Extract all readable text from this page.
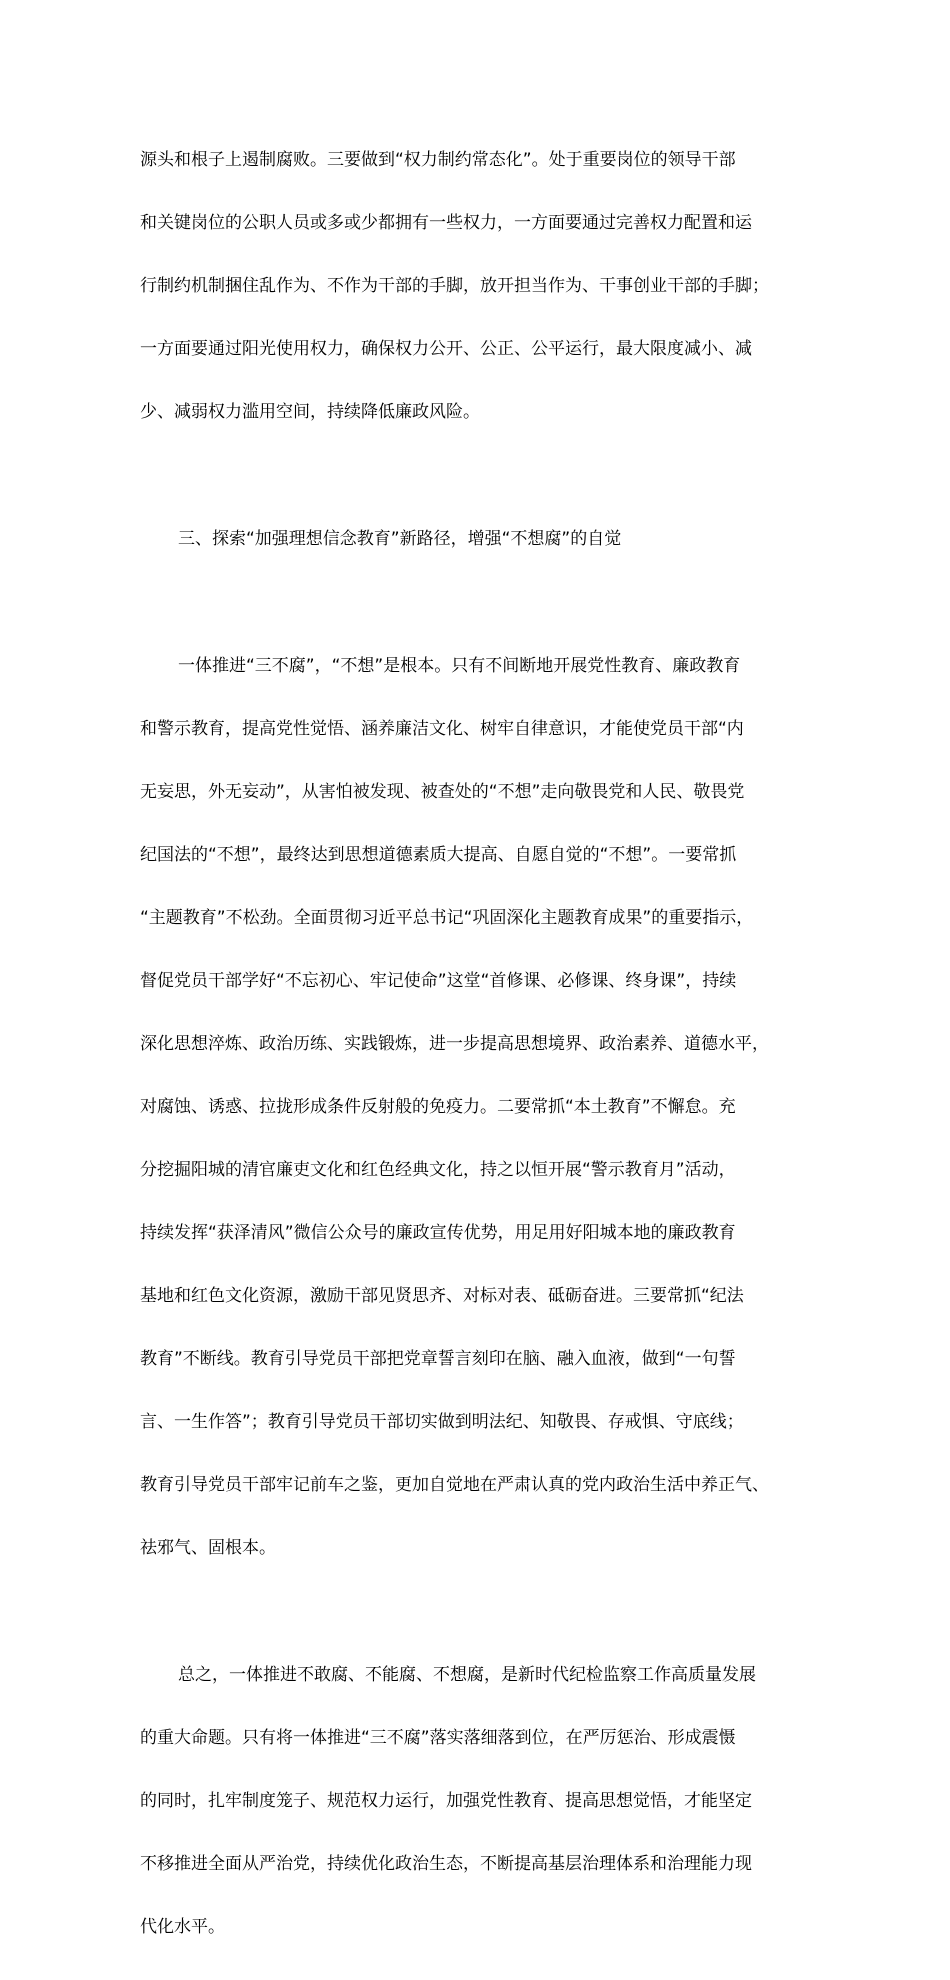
源头和根子上遏制腐败。三要做到“权力制约常态化”。处于重要岗位的领导干部

和关键岗位的公职人员或多或少都拥有一些权力，一方面要通过完善权力配置和运

行制约机制捆住乱作为、不作为干部的手脚，放开担当作为、干事创业干部的手脚；

一方面要通过阳光使用权力，确保权力公开、公正、公平运行，最大限度减小、减

少、减弱权力滥用空间，持续降低廉政风险。

三、探索“加强理想信念教育”新路径，增强“不想腐”的自觉

一体推进“三不腐”，“不想”是根本。只有不间断地开展党性教育、廉政教育

和警示教育，提高党性觉悟、涵养廉洁文化、树牢自律意识，才能使党员干部“内

无妄思，外无妄动”，从害怕被发现、被查处的“不想”走向敬畏党和人民、敬畏党

纪国法的“不想”，最终达到思想道德素质大提高、自愿自觉的“不想”。一要常抓

“主题教育”不松劲。全面贯彻习近平总书记“巩固深化主题教育成果”的重要指示，

督促党员干部学好“不忘初心、牢记使命”这堂“首修课、必修课、终身课”，持续

深化思想淬炼、政治历练、实践锻炼，进一步提高思想境界、政治素养、道德水平，

对腐蚀、诱惑、拉拢形成条件反射般的免疫力。二要常抓“本土教育”不懈怠。充

分挖掘阳城的清官廉吏文化和红色经典文化，持之以恒开展“警示教育月”活动，

持续发挥“获泽清风”微信公众号的廉政宣传优势，用足用好阳城本地的廉政教育

基地和红色文化资源，激励干部见贤思齐、对标对表、砥砺奋进。三要常抓“纪法

教育”不断线。教育引导党员干部把党章誓言刻印在脑、融入血液，做到“一句誓

言、一生作答”；教育引导党员干部切实做到明法纪、知敬畏、存戒惧、守底线；

教育引导党员干部牢记前车之鉴，更加自觉地在严肃认真的党内政治生活中养正气、

祛邪气、固根本。

总之，一体推进不敢腐、不能腐、不想腐，是新时代纪检监察工作高质量发展

的重大命题。只有将一体推进“三不腐”落实落细落到位，在严厉惩治、形成震慑

的同时，扎牢制度笼子、规范权力运行，加强党性教育、提高思想觉悟，才能坚定

不移推进全面从严治党，持续优化政治生态，不断提高基层治理体系和治理能力现

代化水平。
